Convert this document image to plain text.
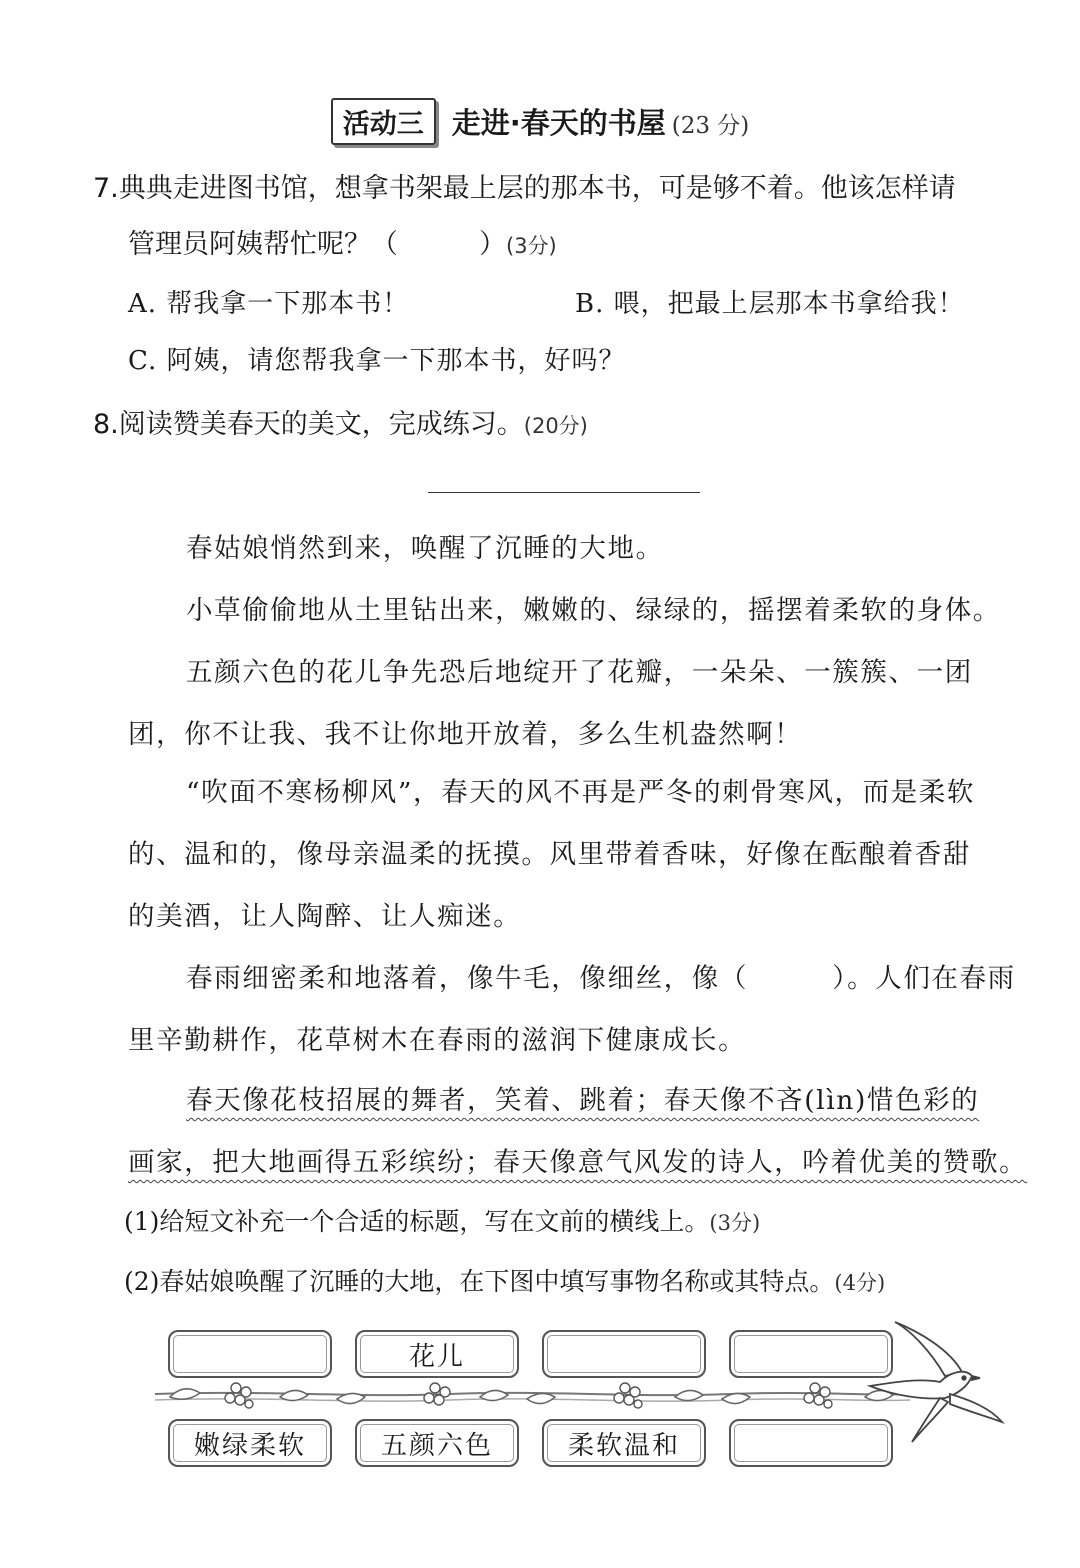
活动三 走进·春天的书屋 (23 分)
7.典典走进图书馆，想拿书架最上层的那本书，可是够不着。他该怎样请
管理员阿姨帮忙呢？（　　　）(3分)
A. 帮我拿一下那本书！	B. 喂，把最上层那本书拿给我！
C. 阿姨，请您帮我拿一下那本书，好吗？
8.阅读赞美春天的美文，完成练习。(20分)
春姑娘悄然到来，唤醒了沉睡的大地。
小草偷偷地从土里钻出来，嫩嫩的、绿绿的，摇摆着柔软的身体。
五颜六色的花儿争先恐后地绽开了花瓣，一朵朵、一簇簇、一团
团，你不让我、我不让你地开放着，多么生机盎然啊！
“吹面不寒杨柳风”，春天的风不再是严冬的刺骨寒风，而是柔软
的、温和的，像母亲温柔的抚摸。风里带着香味，好像在酝酿着香甜
的美酒，让人陶醉、让人痴迷。
春雨细密柔和地落着，像牛毛，像细丝，像（　　　）。人们在春雨
里辛勤耕作，花草树木在春雨的滋润下健康成长。
春天像花枝招展的舞者，笑着、跳着；春天像不吝(lìn)惜色彩的
画家，把大地画得五彩缤纷；春天像意气风发的诗人，吟着优美的赞歌。
(1)给短文补充一个合适的标题，写在文前的横线上。(3分)
(2)春姑娘唤醒了沉睡的大地，在下图中填写事物名称或其特点。(4分)
花儿
嫩绿柔软	五颜六色	柔软温和
